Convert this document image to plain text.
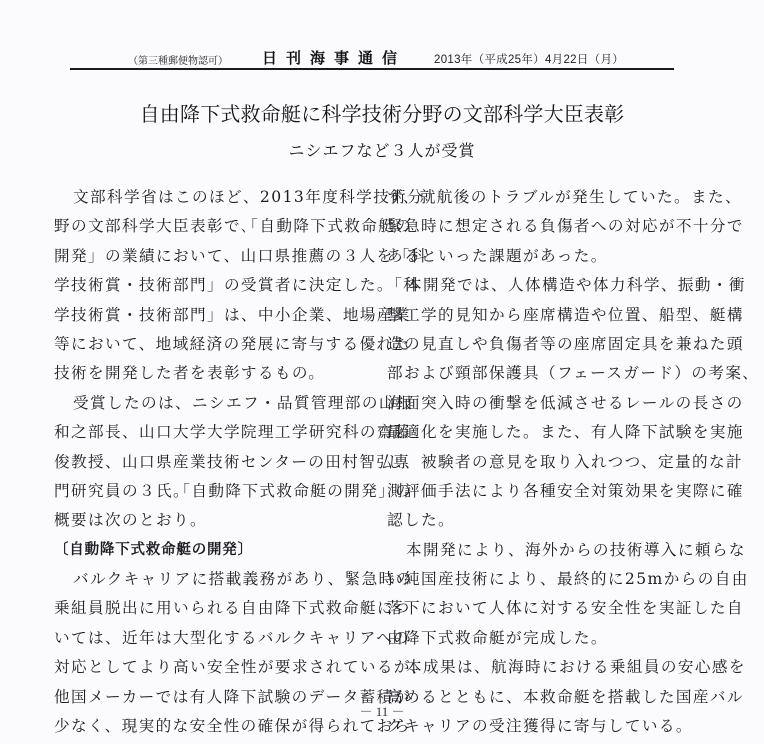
（第三種郵便物認可） 日刊海事通信 2013年（平成25年）4月22日（月）
自由降下式救命艇に科学技術分野の文部科学大臣表彰
ニシエフなど３人が受賞
文部科学省はこのほど、2013年度科学技術分
野の文部科学大臣表彰で､｢自動降下式救命艇の
開発」の業績において、山口県推薦の３人を「科
学技術賞・技術部門」の受賞者に決定した。「科
学技術賞・技術部門」は、中小企業、地場産業
等において、地域経済の発展に寄与する優れた
技術を開発した者を表彰するもの。
受賞したのは、ニシエフ・品質管理部の山根
和之部長、山口大学大学院理工学研究科の齋藤
俊教授、山口県産業技術センターの田村智弘専
門研究員の３氏｡｢自動降下式救命艇の開発」の
概要は次のとおり。
〔自動降下式救命艇の開発〕
バルクキャリアに搭載義務があり、緊急時の
乗組員脱出に用いられる自由降下式救命艇につ
いては、近年は大型化するバルクキャリアへの
対応としてより高い安全性が要求されているが、
他国メーカーでは有人降下試験のデータ蓄積が
少なく、現実的な安全性の確保が得られておら
ず、就航後のトラブルが発生していた。また、
緊急時に想定される負傷者への対応が不十分で
あるといった課題があった。
本開発では、人体構造や体力科学、振動・衝
撃工学的見知から座席構造や位置、船型、艇構
造の見直しや負傷者等の座席固定具を兼ねた頭
部および頸部保護具（フェースガード）の考案、
海面突入時の衝撃を低減させるレールの長さの
最適化を実施した。また、有人降下試験を実施
し、被験者の意見を取り入れつつ、定量的な計
測評価手法により各種安全対策効果を実際に確
認した。
本開発により、海外からの技術導入に頼らな
い純国産技術により、最終的に25mからの自由
落下において人体に対する安全性を実証した自
由降下式救命艇が完成した。
本成果は、航海時における乗組員の安心感を
高めるとともに、本救命艇を搭載した国産バル
クキャリアの受注獲得に寄与している。
－ 11 －
